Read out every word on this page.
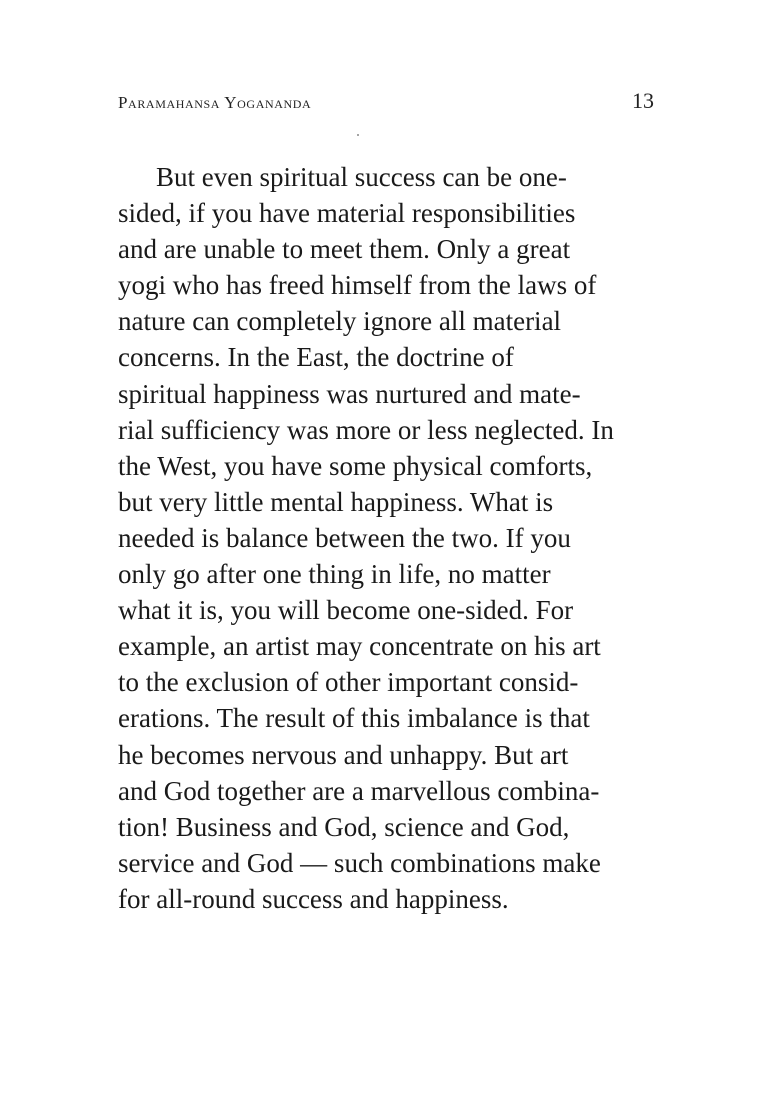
Paramahansa Yogananda	13

But even spiritual success can be one-
sided, if you have material responsibilities
and are unable to meet them. Only a great
yogi who has freed himself from the laws of
nature can completely ignore all material
concerns. In the East, the doctrine of
spiritual happiness was nurtured and mate-
rial sufficiency was more or less neglected. In
the West, you have some physical comforts,
but very little mental happiness. What is
needed is balance between the two. If you
only go after one thing in life, no matter
what it is, you will become one-sided. For
example, an artist may concentrate on his art
to the exclusion of other important consid-
erations. The result of this imbalance is that
he becomes nervous and unhappy. But art
and God together are a marvellous combina-
tion! Business and God, science and God,
service and God — such combinations make
for all-round success and happiness.
